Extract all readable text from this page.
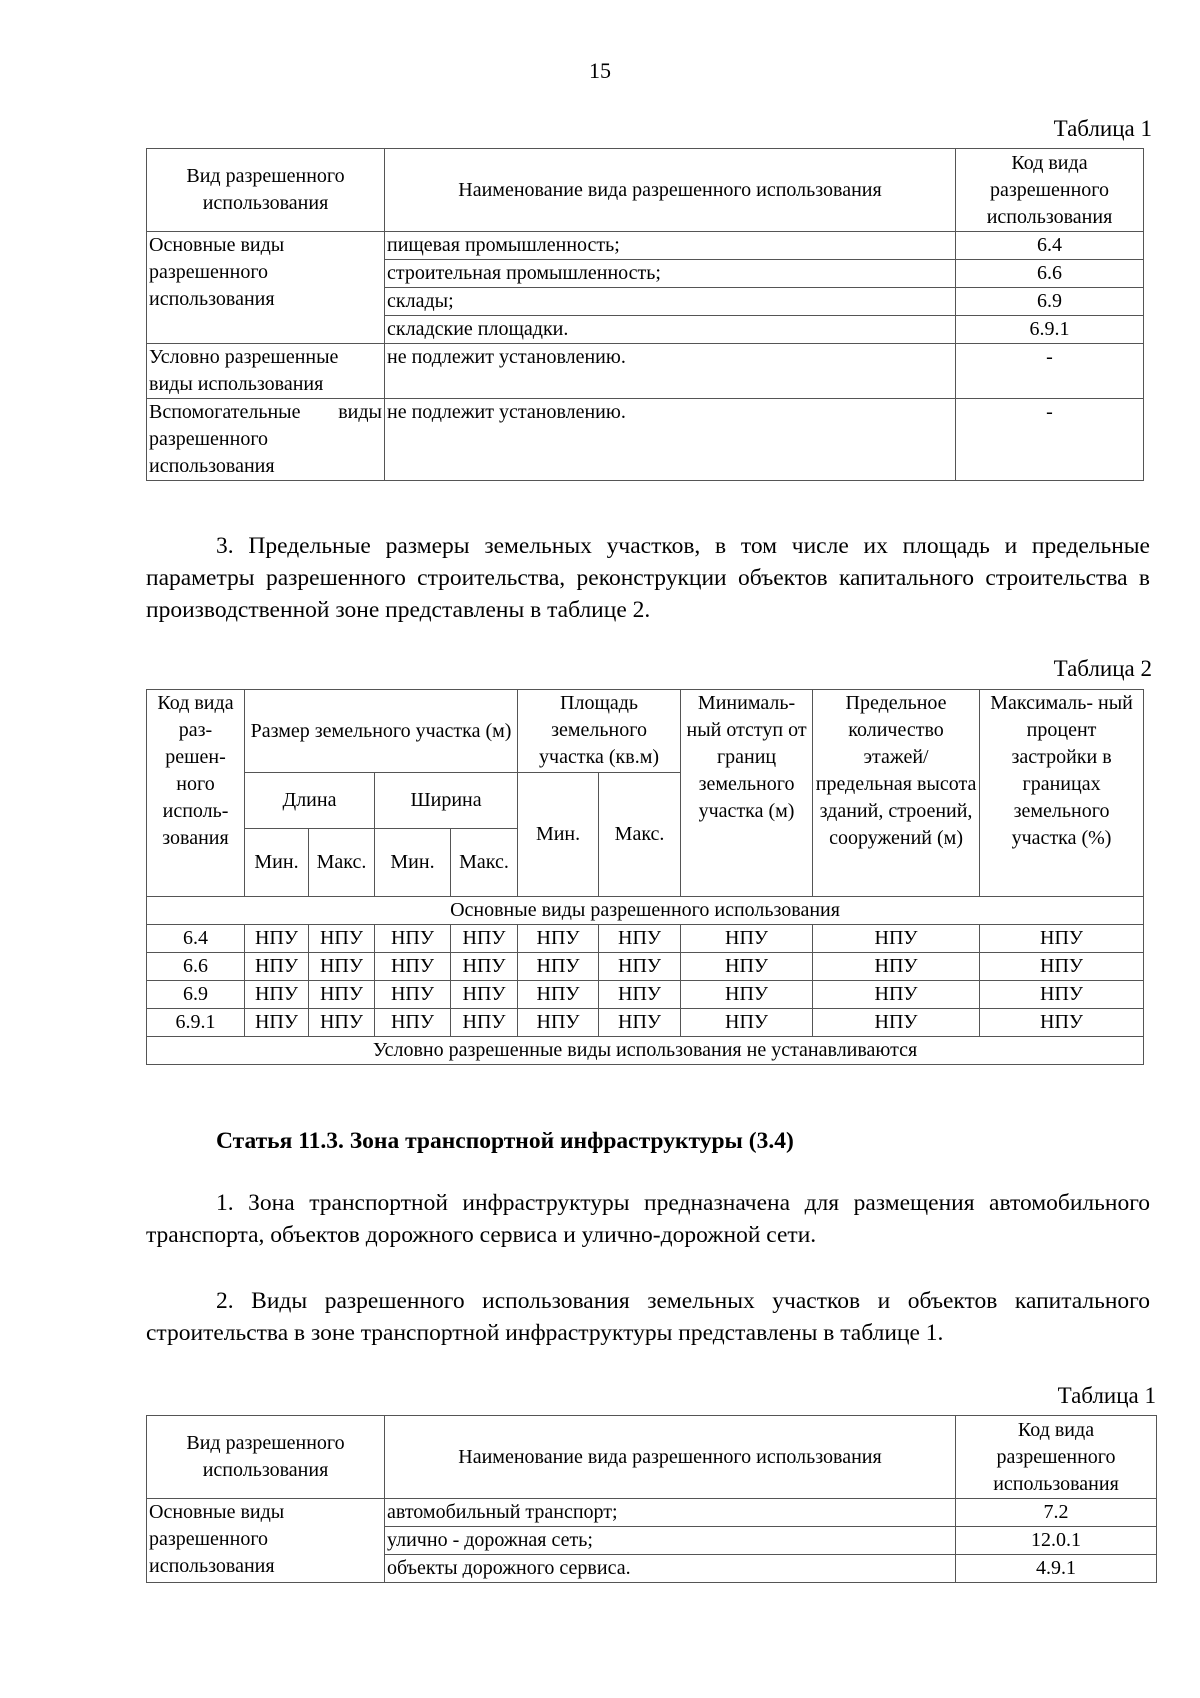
15
Таблица 1
Вид разрешенного использования	Наименование вида разрешенного использования	Код вида разрешенного использования
Основные виды разрешенного использования	пищевая промышленность;	6.4
	строительная промышленность;	6.6
	склады;	6.9
	складские площадки.	6.9.1
Условно разрешенные виды использования	не подлежит установлению.	-
Вспомогательные виды разрешенного использования	не подлежит установлению.	-
3. Предельные размеры земельных участков, в том числе их площадь и предельные параметры разрешенного строительства, реконструкции объектов капитального строительства в производственной зоне представлены в таблице 2.
Таблица 2
Код вида раз- решен- ного исполь- зования	Размер земельного участка (м)				Площадь земельного участка (кв.м)		Минималь- ный отступ от границ земельного участка (м)	Предельное количество этажей/ предельная высота зданий, строений, сооружений (м)	Максималь- ный процент застройки в границах земельного участка (%)
	Длина		Ширина		Мин.	Макс.			
	Мин.	Макс.	Мин.	Макс.					
Основные виды разрешенного использования									
6.4	НПУ	НПУ	НПУ	НПУ	НПУ	НПУ	НПУ	НПУ	НПУ
6.6	НПУ	НПУ	НПУ	НПУ	НПУ	НПУ	НПУ	НПУ	НПУ
6.9	НПУ	НПУ	НПУ	НПУ	НПУ	НПУ	НПУ	НПУ	НПУ
6.9.1	НПУ	НПУ	НПУ	НПУ	НПУ	НПУ	НПУ	НПУ	НПУ
Условно разрешенные виды использования не устанавливаются									
Статья 11.3. Зона транспортной инфраструктуры (3.4)
1. Зона транспортной инфраструктуры предназначена для размещения автомобильного транспорта, объектов дорожного сервиса и улично-дорожной сети.
2. Виды разрешенного использования земельных участков и объектов капитального строительства в зоне транспортной инфраструктуры представлены в таблице 1.
Таблица 1
Вид разрешенного использования	Наименование вида разрешенного использования	Код вида разрешенного использования
Основные виды разрешенного использования	автомобильный транспорт;	7.2
	улично - дорожная сеть;	12.0.1
	объекты дорожного сервиса.	4.9.1
